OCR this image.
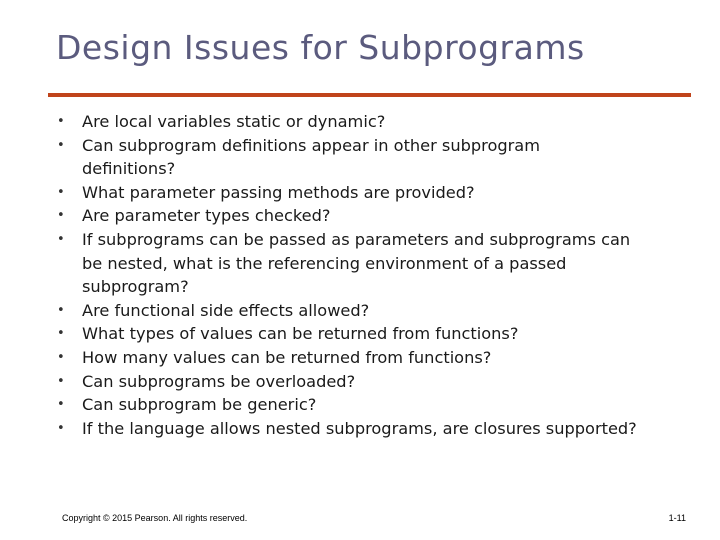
Design Issues for Subprograms
• Are local variables static or dynamic?
• Can subprogram definitions appear in other subprogram
definitions?
• What parameter passing methods are provided?
• Are parameter types checked?
• If subprograms can be passed as parameters and subprograms can
be nested, what is the referencing environment of a passed
subprogram?
• Are functional side effects allowed?
• What types of values can be returned from functions?
• How many values can be returned from functions?
• Can subprograms be overloaded?
• Can subprogram be generic?
• If the language allows nested subprograms, are closures supported?
Copyright © 2015 Pearson. All rights reserved.	1-11
